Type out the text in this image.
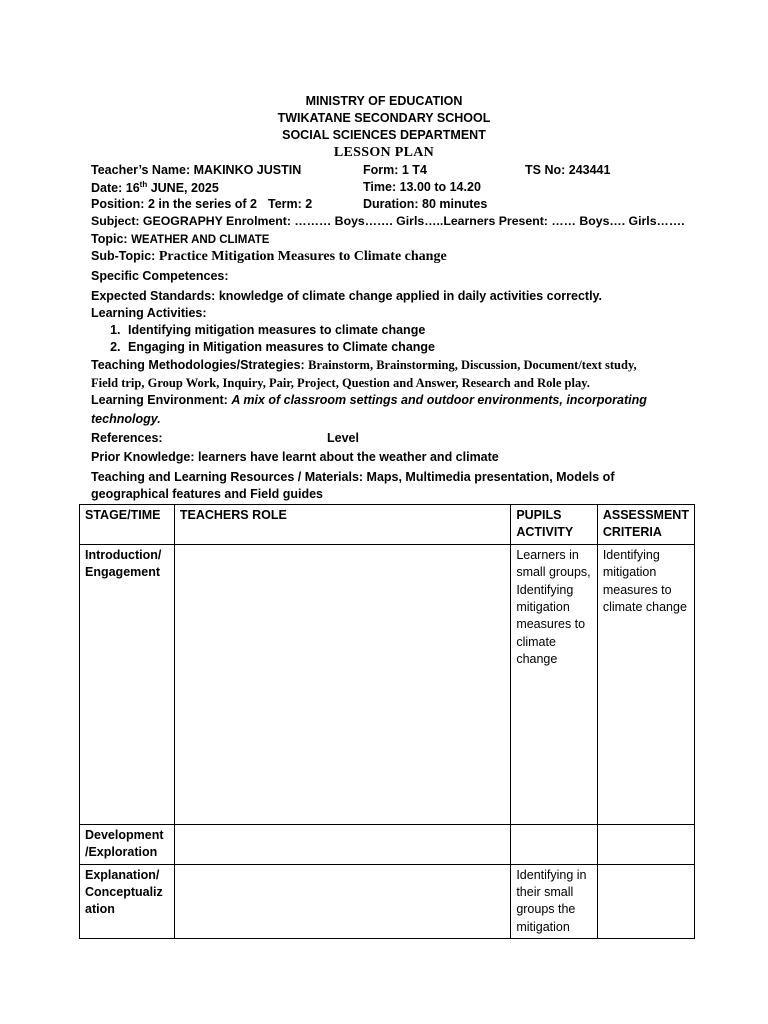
MINISTRY OF EDUCATION
TWIKATANE SECONDARY SCHOOL
SOCIAL SCIENCES DEPARTMENT
LESSON PLAN
Teacher’s Name: MAKINKO JUSTIN	Form: 1 T4	TS No: 243441
Date: 16th JUNE, 2025	Time: 13.00 to 14.20
Position: 2 in the series of 2 Term: 2	Duration: 80 minutes
Subject: GEOGRAPHY Enrolment: ……… Boys……. Girls…..Learners Present: …… Boys…. Girls…….
Topic: WEATHER AND CLIMATE
Sub-Topic: Practice Mitigation Measures to Climate change
Specific Competences:
Expected Standards: knowledge of climate change applied in daily activities correctly.
Learning Activities:
1. Identifying mitigation measures to climate change
2. Engaging in Mitigation measures to Climate change
Teaching Methodologies/Strategies: Brainstorm, Brainstorming, Discussion, Document/text study,
Field trip, Group Work, Inquiry, Pair, Project, Question and Answer, Research and Role play.
Learning Environment: A mix of classroom settings and outdoor environments, incorporating
technology.
References:	Level
Prior Knowledge: learners have learnt about the weather and climate
Teaching and Learning Resources / Materials: Maps, Multimedia presentation, Models of
geographical features and Field guides
STAGE/TIME	TEACHERS ROLE	PUPILS ACTIVITY	ASSESSMENT CRITERIA
Introduction/ Engagement		Learners in small groups, Identifying mitigation measures to climate change	Identifying mitigation measures to climate change
Development /Exploration			
Explanation/ Conceptualization		Identifying in their small groups the mitigation	
